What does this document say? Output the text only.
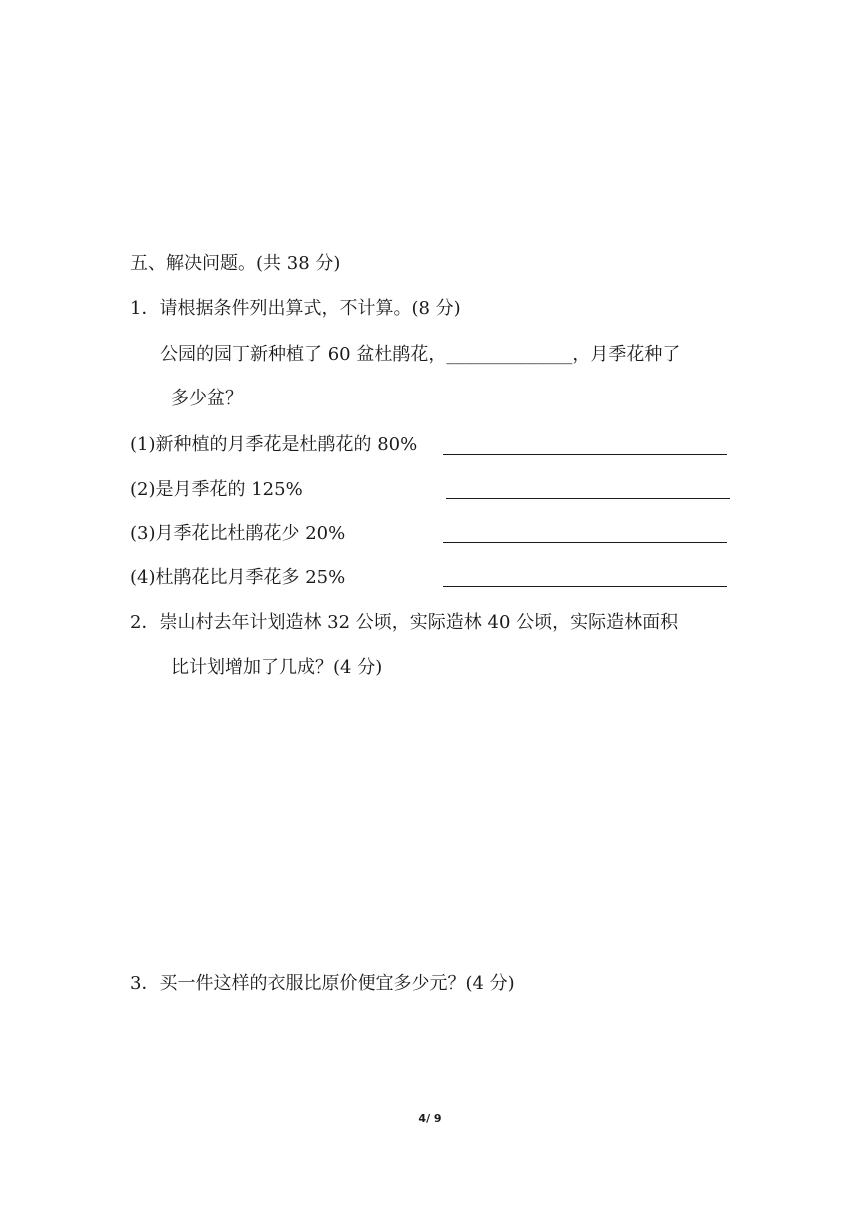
五、解决问题。(共 38 分)
1．请根据条件列出算式，不计算。(8 分)
公园的园丁新种植了 60 盆杜鹃花，______________，月季花种了
多少盆？
(1)新种植的月季花是杜鹃花的 80%
(2)是月季花的 125%
(3)月季花比杜鹃花少 20%
(4)杜鹃花比月季花多 25%
2．崇山村去年计划造林 32 公顷，实际造林 40 公顷，实际造林面积
比计划增加了几成？(4 分)
3．买一件这样的衣服比原价便宜多少元？(4 分)
4/ 9
